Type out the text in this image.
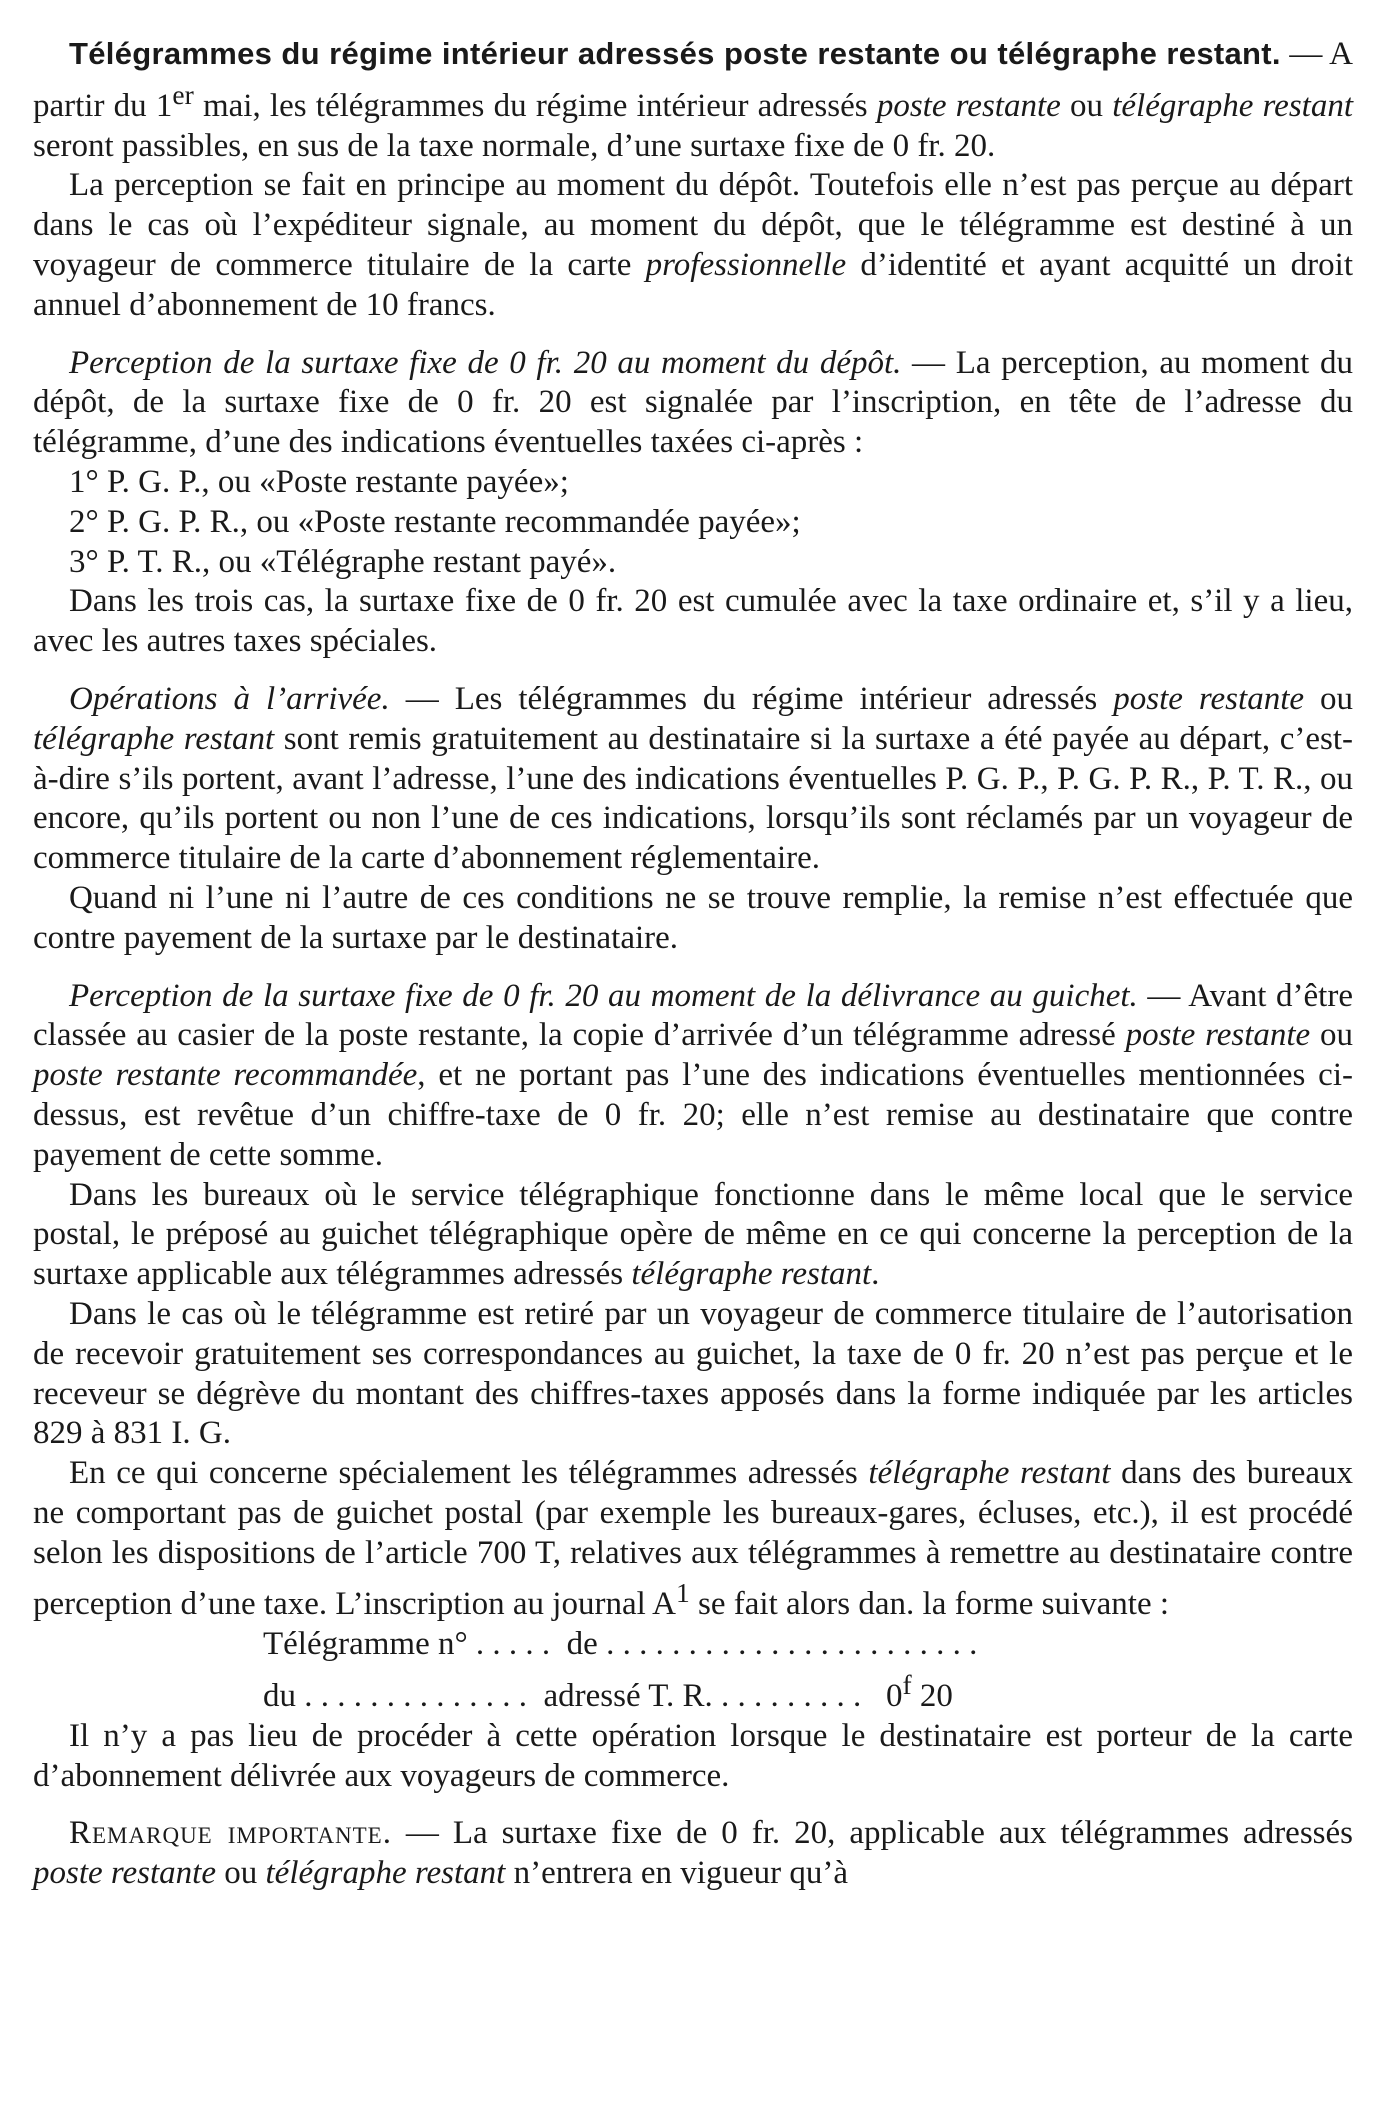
Télégrammes du régime intérieur adressés poste restante ou télégraphe restant. — A partir du 1er mai, les télégrammes du régime intérieur adressés poste restante ou télégraphe restant seront passibles, en sus de la taxe normale, d’une surtaxe fixe de 0 fr. 20.

La perception se fait en principe au moment du dépôt. Toutefois elle n’est pas perçue au départ dans le cas où l’expéditeur signale, au moment du dépôt, que le télégramme est destiné à un voyageur de commerce titulaire de la carte professionnelle d’identité et ayant acquitté un droit annuel d’abonnement de 10 francs.

Perception de la surtaxe fixe de 0 fr. 20 au moment du dépôt. — La perception, au moment du dépôt, de la surtaxe fixe de 0 fr. 20 est signalée par l’inscription, en tête de l’adresse du télégramme, d’une des indications éventuelles taxées ci-après :

1° P. G. P., ou «Poste restante payée»;

2° P. G. P. R., ou «Poste restante recommandée payée»;

3° P. T. R., ou «Télégraphe restant payé».

Dans les trois cas, la surtaxe fixe de 0 fr. 20 est cumulée avec la taxe ordinaire et, s’il y a lieu, avec les autres taxes spéciales.

Opérations à l’arrivée. — Les télégrammes du régime intérieur adressés poste restante ou télégraphe restant sont remis gratuitement au destinataire si la surtaxe a été payée au départ, c’est-à-dire s’ils portent, avant l’adresse, l’une des indications éventuelles P. G. P., P. G. P. R., P. T. R., ou encore, qu’ils portent ou non l’une de ces indications, lorsqu’ils sont réclamés par un voyageur de commerce titulaire de la carte d’abonnement réglementaire.

Quand ni l’une ni l’autre de ces conditions ne se trouve remplie, la remise n’est effectuée que contre payement de la surtaxe par le destinataire.

Perception de la surtaxe fixe de 0 fr. 20 au moment de la délivrance au guichet. — Avant d’être classée au casier de la poste restante, la copie d’arrivée d’un télégramme adressé poste restante ou poste restante recommandée, et ne portant pas l’une des indications éventuelles mentionnées ci-dessus, est revêtue d’un chiffre-taxe de 0 fr. 20; elle n’est remise au destinataire que contre payement de cette somme.

Dans les bureaux où le service télégraphique fonctionne dans le même local que le service postal, le préposé au guichet télégraphique opère de même en ce qui concerne la perception de la surtaxe applicable aux télégrammes adressés télégraphe restant.

Dans le cas où le télégramme est retiré par un voyageur de commerce titulaire de l’autorisation de recevoir gratuitement ses correspondances au guichet, la taxe de 0 fr. 20 n’est pas perçue et le receveur se dégrève du montant des chiffres-taxes apposés dans la forme indiquée par les articles 829 à 831 I. G.

En ce qui concerne spécialement les télégrammes adressés télégraphe restant dans des bureaux ne comportant pas de guichet postal (par exemple les bureaux-gares, écluses, etc.), il est procédé selon les dispositions de l’article 700 T, relatives aux télégrammes à remettre au destinataire contre perception d’une taxe. L’inscription au journal $A^1$ se fait alors dan. la forme suivante :

Télégramme n° . . . . .  de . . . . . . . . . . . . . . . . . . . . . . .

du . . . . . . . . . . . . . .  adressé T. R. . . . . . . . . .   0$^f$ 20

Il n’y a pas lieu de procéder à cette opération lorsque le destinataire est porteur de la carte d’abonnement délivrée aux voyageurs de commerce.

Remarque importante. — La surtaxe fixe de 0 fr. 20, applicable aux télégrammes adressés poste restante ou télégraphe restant n’entrera en vigueur qu’à
